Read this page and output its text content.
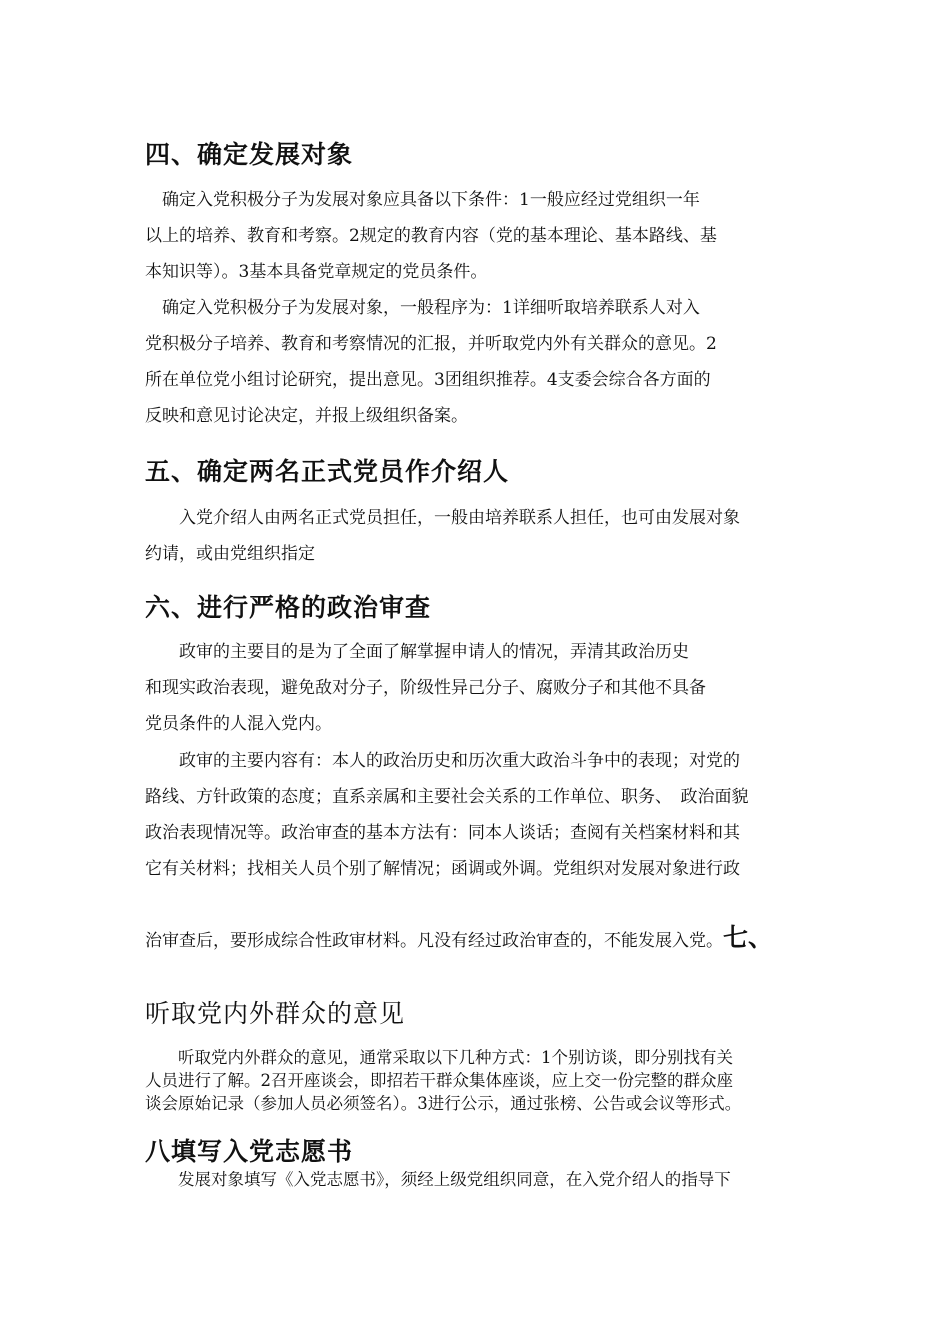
四、确定发展对象

　确定入党积极分子为发展对象应具备以下条件：1一般应经过党组织一年
以上的培养、教育和考察。2规定的教育内容（党的基本理论、基本路线、基
本知识等）。3基本具备党章规定的党员条件。

　确定入党积极分子为发展对象，一般程序为：1详细听取培养联系人对入
党积极分子培养、教育和考察情况的汇报，并听取党内外有关群众的意见。2
所在单位党小组讨论研究，提出意见。3团组织推荐。4支委会综合各方面的
反映和意见讨论决定，并报上级组织备案。

五、确定两名正式党员作介绍人

　　入党介绍人由两名正式党员担任，一般由培养联系人担任，也可由发展对象
约请，或由党组织指定

六、进行严格的政治审查

　　政审的主要目的是为了全面了解掌握申请人的情况，弄清其政治历史
和现实政治表现，避免敌对分子，阶级性异己分子、腐败分子和其他不具备
党员条件的人混入党内。

　　政审的主要内容有：本人的政治历史和历次重大政治斗争中的表现；对党的
路线、方针政策的态度；直系亲属和主要社会关系的工作单位、职务、　政治面貌
政治表现情况等。政治审查的基本方法有：同本人谈话；查阅有关档案材料和其
它有关材料；找相关人员个别了解情况；函调或外调。党组织对发展对象进行政

治审查后，要形成综合性政审材料。凡没有经过政治审查的，不能发展入党。七、

听取党内外群众的意见

　　听取党内外群众的意见，通常采取以下几种方式：1个别访谈，即分别找有关
人员进行了解。2召开座谈会，即招若干群众集体座谈，应上交一份完整的群众座
谈会原始记录（参加人员必须签名）。3进行公示，通过张榜、公告或会议等形式。

八填写入党志愿书

　　发展对象填写《入党志愿书》，须经上级党组织同意，在入党介绍人的指导下
